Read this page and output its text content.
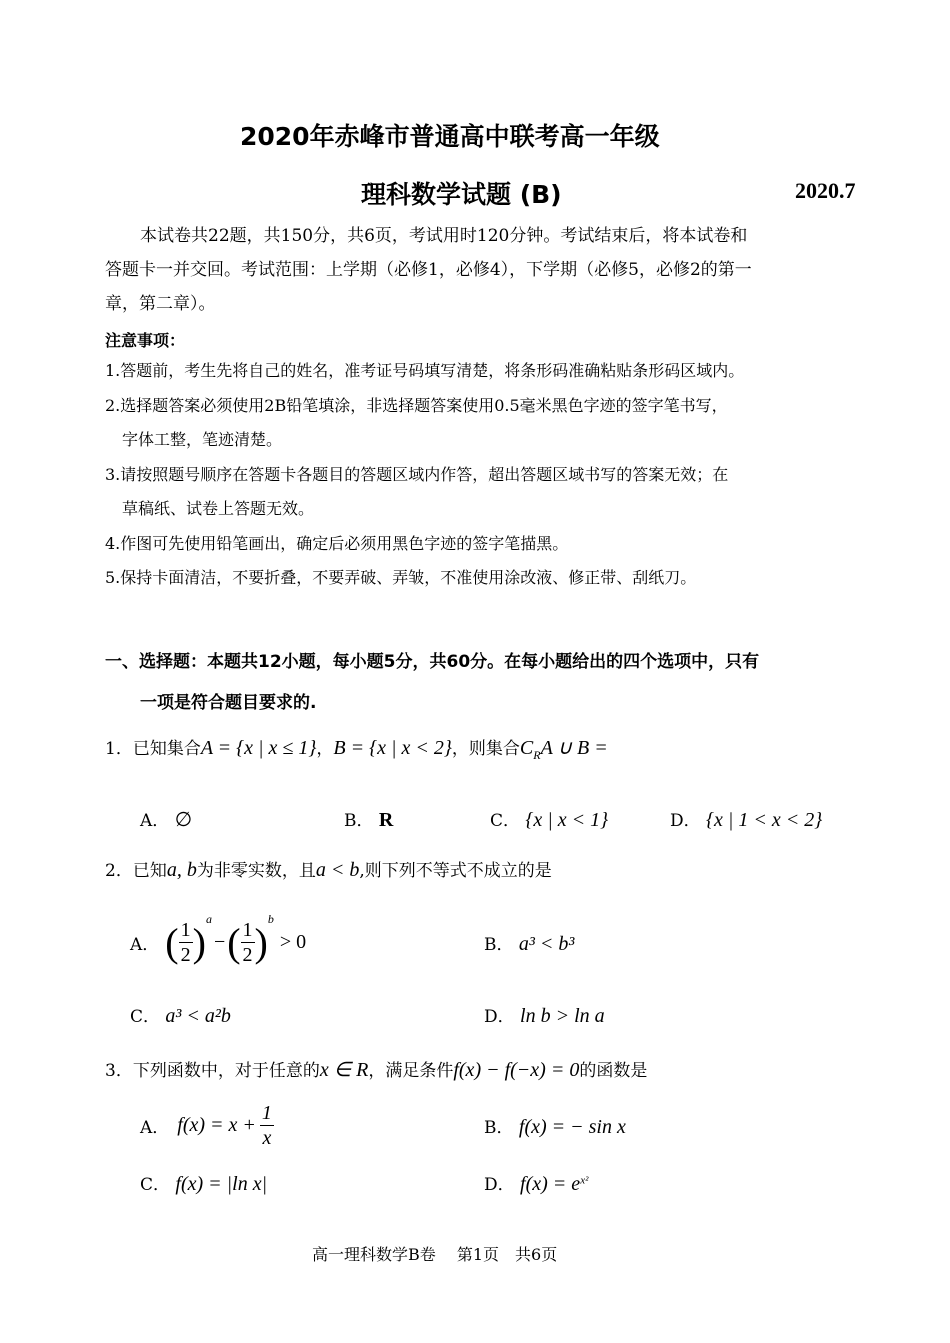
2020年赤峰市普通高中联考高一年级
理科数学试题 (B)	2020.7
本试卷共22题，共150分，共6页，考试用时120分钟。考试结束后，将本试卷和
答题卡一并交回。考试范围：上学期（必修1，必修4），下学期（必修5，必修2的第一
章，第二章）。
注意事项：
1.答题前，考生先将自己的姓名，准考证号码填写清楚，将条形码准确粘贴条形码区域内。
2.选择题答案必须使用2B铅笔填涂，非选择题答案使用0.5毫米黑色字迹的签字笔书写，
字体工整，笔迹清楚。
3.请按照题号顺序在答题卡各题目的答题区域内作答，超出答题区域书写的答案无效；在
草稿纸、试卷上答题无效。
4.作图可先使用铅笔画出，确定后必须用黑色字迹的签字笔描黑。
5.保持卡面清洁，不要折叠，不要弄破、弄皱，不准使用涂改液、修正带、刮纸刀。
一、选择题：本题共12小题，每小题5分，共60分。在每小题给出的四个选项中，只有
一项是符合题目要求的.
1．已知集合A = {x | x ≤ 1}，B = {x | x < 2}，则集合$C_RA$ ∪ B =
A． ∅	B． R	C． {x | x < 1}	D． {x | 1 < x < 2}
2．已知a, b为非零实数，且a < b,则下列不等式不成立的是
A． ( $\frac{1}{2}$ )
$^a$
− ( $\frac{1}{2}$ )
$^b$
> 0	B． a³ < b³
C． a³ < a²b	D． ln b > ln a
3．下列函数中，对于任意的x ∈ R，满足条件f(x) − f(−x) = 0的函数是
A． $f(x) = x + \frac{1}{x}$	B． f(x) = − sin x
C． f(x) = |ln x|	D． $f(x) = e^{x^2}$
高一理科数学B卷　 第1页　共6页
